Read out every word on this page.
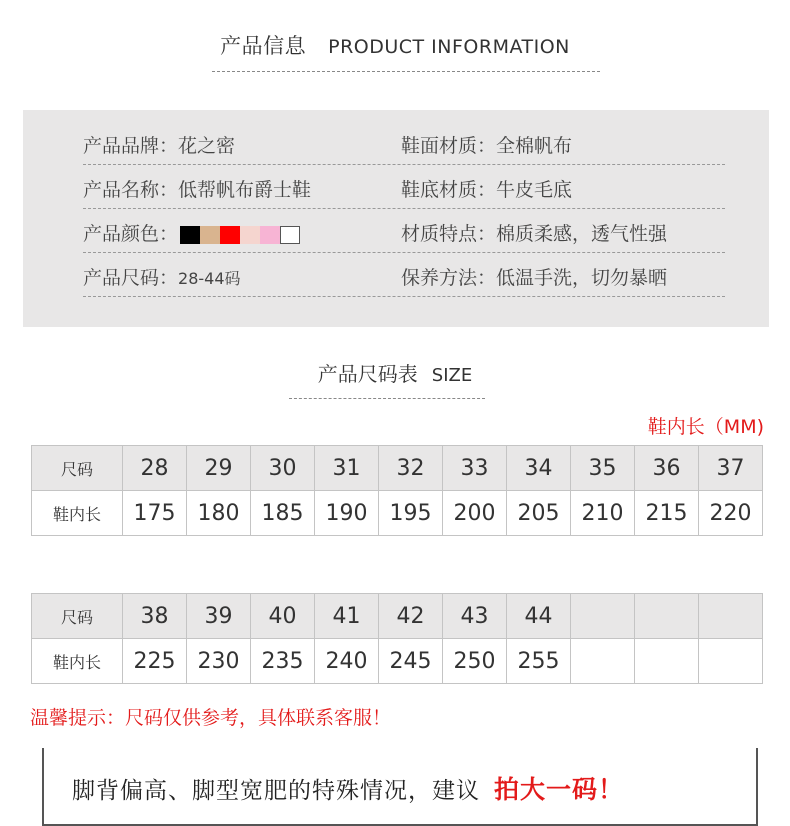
产品信息 PRODUCT INFORMATION
产品品牌：花之密	鞋面材质：全棉帆布
产品名称：低帮帆布爵士鞋	鞋底材质：牛皮毛底
产品颜色：	材质特点：棉质柔感，透气性强
产品尺码：28-44码	保养方法：低温手洗，切勿暴晒
产品尺码表 SIZE
鞋内长（MM)
尺码	28	29	30	31	32	33	34	35	36	37
鞋内长	175	180	185	190	195	200	205	210	215	220
尺码	38	39	40	41	42	43	44			
鞋内长	225	230	235	240	245	250	255			
温馨提示：尺码仅供参考，具体联系客服！
脚背偏高、脚型宽肥的特殊情况，建议 拍大一码！
